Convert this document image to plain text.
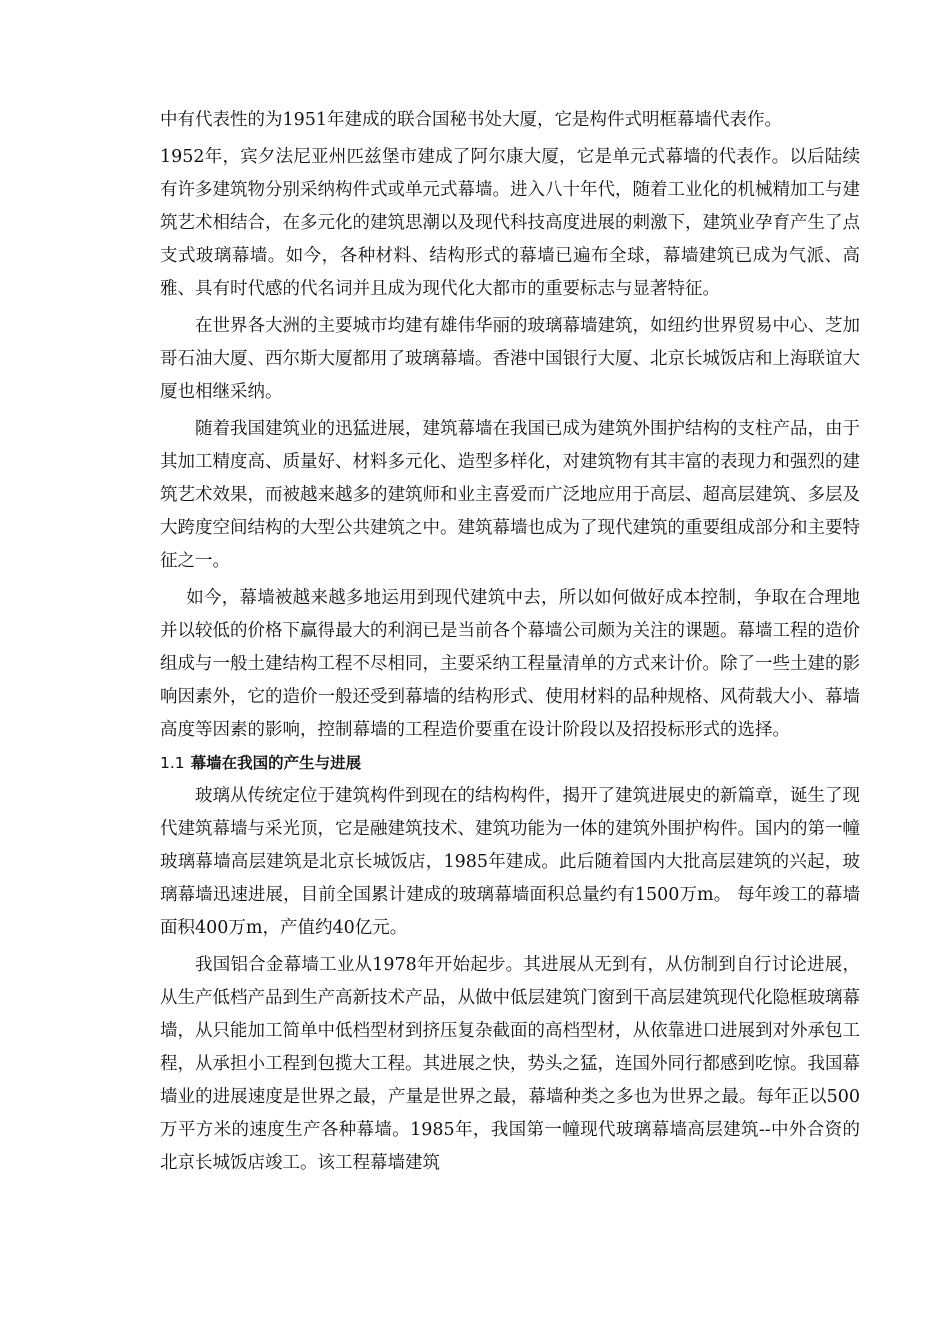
中有代表性的为1951年建成的联合国秘书处大厦，它是构件式明框幕墙代表作。

1952年，宾夕法尼亚州匹兹堡市建成了阿尔康大厦，它是单元式幕墙的代表作。以后陆续有许多建筑物分别采纳构件式或单元式幕墙。进入八十年代，随着工业化的机械精加工与建筑艺术相结合，在多元化的建筑思潮以及现代科技高度进展的刺激下，建筑业孕育产生了点支式玻璃幕墙。如今，各种材料、结构形式的幕墙已遍布全球，幕墙建筑已成为气派、高雅、具有时代感的代名词并且成为现代化大都市的重要标志与显著特征。

在世界各大洲的主要城市均建有雄伟华丽的玻璃幕墙建筑，如纽约世界贸易中心、芝加哥石油大厦、西尔斯大厦都用了玻璃幕墙。香港中国银行大厦、北京长城饭店和上海联谊大厦也相继采纳。

随着我国建筑业的迅猛进展，建筑幕墙在我国已成为建筑外围护结构的支柱产品，由于其加工精度高、质量好、材料多元化、造型多样化，对建筑物有其丰富的表现力和强烈的建筑艺术效果，而被越来越多的建筑师和业主喜爱而广泛地应用于高层、超高层建筑、多层及大跨度空间结构的大型公共建筑之中。建筑幕墙也成为了现代建筑的重要组成部分和主要特征之一。

如今，幕墙被越来越多地运用到现代建筑中去，所以如何做好成本控制，争取在合理地并以较低的价格下赢得最大的利润已是当前各个幕墙公司颇为关注的课题。幕墙工程的造价组成与一般土建结构工程不尽相同，主要采纳工程量清单的方式来计价。除了一些土建的影响因素外，它的造价一般还受到幕墙的结构形式、使用材料的品种规格、风荷载大小、幕墙高度等因素的影响，控制幕墙的工程造价要重在设计阶段以及招投标形式的选择。

1.1 幕墙在我国的产生与进展

玻璃从传统定位于建筑构件到现在的结构构件，揭开了建筑进展史的新篇章，诞生了现代建筑幕墙与采光顶，它是融建筑技术、建筑功能为一体的建筑外围护构件。国内的第一幢玻璃幕墙高层建筑是北京长城饭店，1985年建成。此后随着国内大批高层建筑的兴起，玻璃幕墙迅速进展，目前全国累计建成的玻璃幕墙面积总量约有1500万m。 每年竣工的幕墙面积400万m，产值约40亿元。

我国铝合金幕墙工业从1978年开始起步。其进展从无到有，从仿制到自行讨论进展，从生产低档产品到生产高新技术产品，从做中低层建筑门窗到干高层建筑现代化隐框玻璃幕墙，从只能加工简单中低档型材到挤压复杂截面的高档型材，从依靠进口进展到对外承包工程，从承担小工程到包揽大工程。其进展之快，势头之猛，连国外同行都感到吃惊。我国幕墙业的进展速度是世界之最，产量是世界之最，幕墙种类之多也为世界之最。每年正以500万平方米的速度生产各种幕墙。1985年，我国第一幢现代玻璃幕墙高层建筑--中外合资的北京长城饭店竣工。该工程幕墙建筑
